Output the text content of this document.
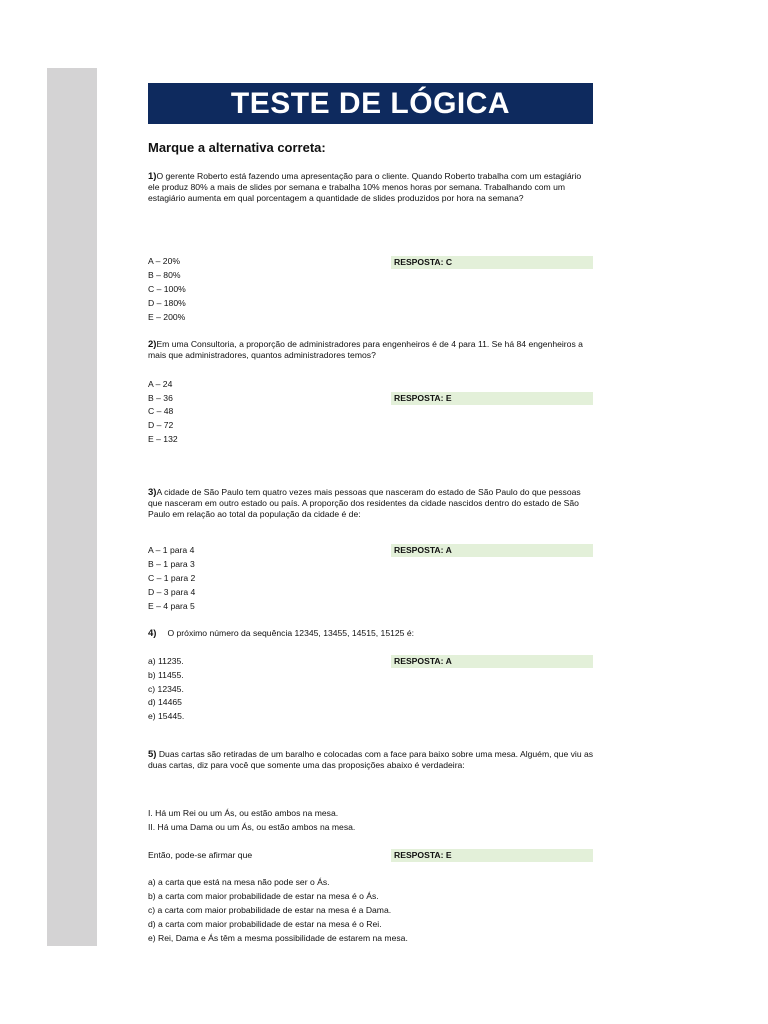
TESTE DE LÓGICA
Marque a alternativa correta:
1)O gerente Roberto está fazendo uma apresentação para o cliente. Quando Roberto trabalha com um estagiário ele produz 80% a mais de slides por semana e trabalha 10% menos horas por semana. Trabalhando com um estagiário aumenta em qual porcentagem a quantidade de slides produzidos por hora na semana?
A – 20%
B – 80%
C – 100%
D – 180%
E – 200%
RESPOSTA: C
2)Em uma Consultoria, a proporção de administradores para engenheiros é de 4 para 11. Se há 84 engenheiros a mais que administradores, quantos administradores temos?
A – 24
B – 36
C – 48
D – 72
E – 132
RESPOSTA: E
3)A cidade de São Paulo tem quatro vezes mais pessoas que nasceram do estado de São Paulo do que pessoas que nasceram em outro estado ou país. A proporção dos residentes da cidade nascidos dentro do estado de São Paulo em relação ao total da população da cidade é de:
A – 1 para 4
B – 1 para 3
C – 1 para 2
D – 3 para 4
E – 4 para 5
RESPOSTA: A
4) O próximo número da sequência 12345, 13455, 14515, 15125 é:
a) 11235.
b) 11455.
c) 12345.
d) 14465
e) 15445.
RESPOSTA: A
5) Duas cartas são retiradas de um baralho e colocadas com a face para baixo sobre uma mesa. Alguém, que viu as duas cartas, diz para você que somente uma das proposições abaixo é verdadeira:
I. Há um Rei ou um Ás, ou estão ambos na mesa.
II. Há uma Dama ou um Ás, ou estão ambos na mesa.
Então, pode-se afirmar que	RESPOSTA: E
a) a carta que está na mesa não pode ser o Ás.
b) a carta com maior probabilidade de estar na mesa é o Ás.
c) a carta com maior probabilidade de estar na mesa é a Dama.
d) a carta com maior probabilidade de estar na mesa é o Rei.
e) Rei, Dama e Ás têm a mesma possibilidade de estarem na mesa.
